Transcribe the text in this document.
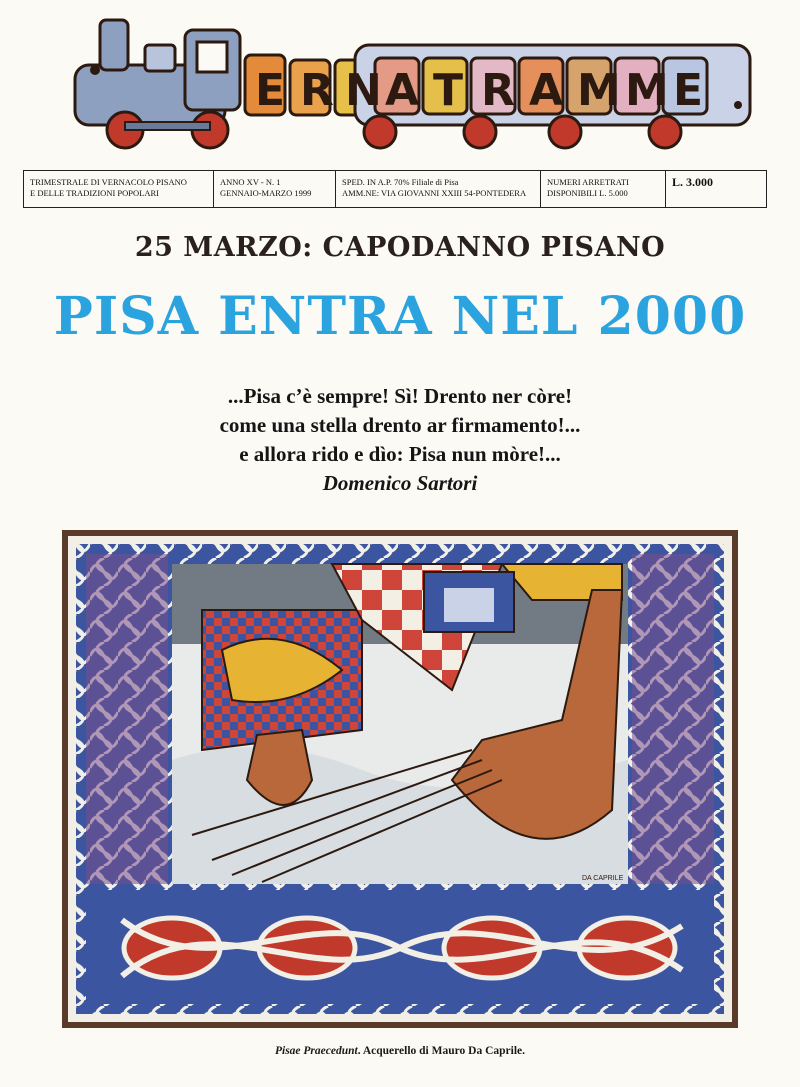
E R NA T R A MME
TRIMESTRALE DI VERNACOLO PISANO
E DELLE TRADIZIONI POPOLARI
ANNO XV - N. 1
GENNAIO-MARZO 1999
SPED. IN A.P. 70% Filiale di Pisa
AMM.NE: VIA GIOVANNI XXIII 54-PONTEDERA
NUMERI ARRETRATI
DISPONIBILI L. 5.000
L. 3.000
25 MARZO: CAPODANNO PISANO
PISA ENTRA NEL 2000
...Pisa c’è sempre! Sì! Drento ner còre!
come una stella drento ar firmamento!...
e allora rido e dìo: Pisa nun mòre!...
Domenico Sartori
DA CAPRILE
Pisae Praecedunt. Acquerello di Mauro Da Caprile.
